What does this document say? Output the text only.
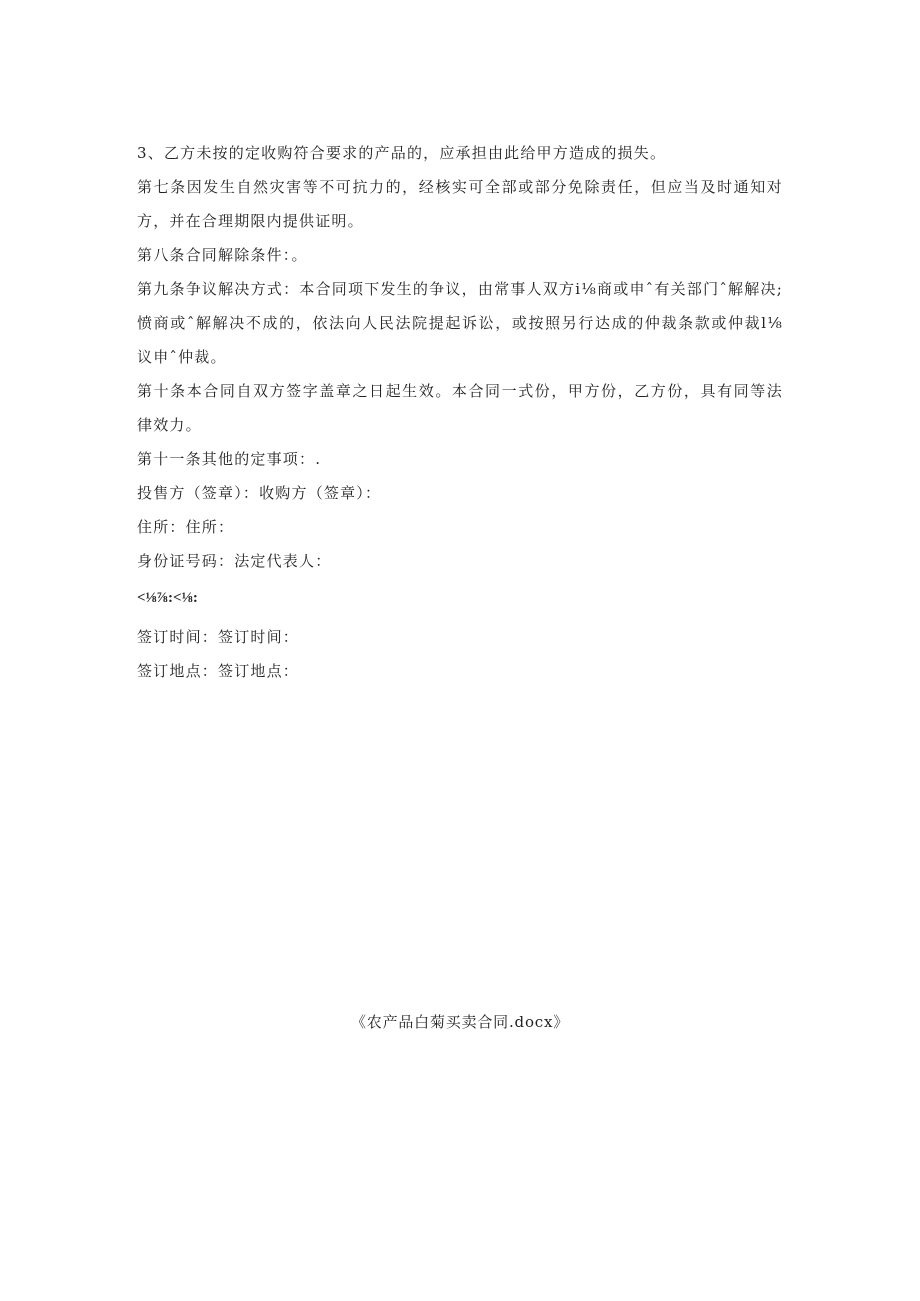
3、乙方未按的定收购符合要求的产品的，应承担由此给甲方造成的损失。

第七条因发生自然灾害等不可抗力的，经核实可全部或部分免除责任，但应当及时通知对方，并在合理期限内提供证明。

第八条合同解除条件：。

第九条争议解决方式：本合同项下发生的争议，由常事人双方i⅛商或申ˆ有关部门ˆ解解决;愤商或ˆ解解决不成的，依法向人民法院提起诉讼，或按照另行达成的仲裁条款或仲裁l⅛议申ˆ仲裁。

第十条本合同自双方签字盖章之日起生效。本合同一式份，甲方份，乙方份，具有同等法律效力。

第十一条其他的定事项：.

投售方（签章）：收购方（签章）：

住所：住所：

身份证号码：法定代表人：

<⅛⅞:<⅛:

签订时间：签订时间：

签订地点：签订地点：

《农产品白菊买卖合同.docx》
